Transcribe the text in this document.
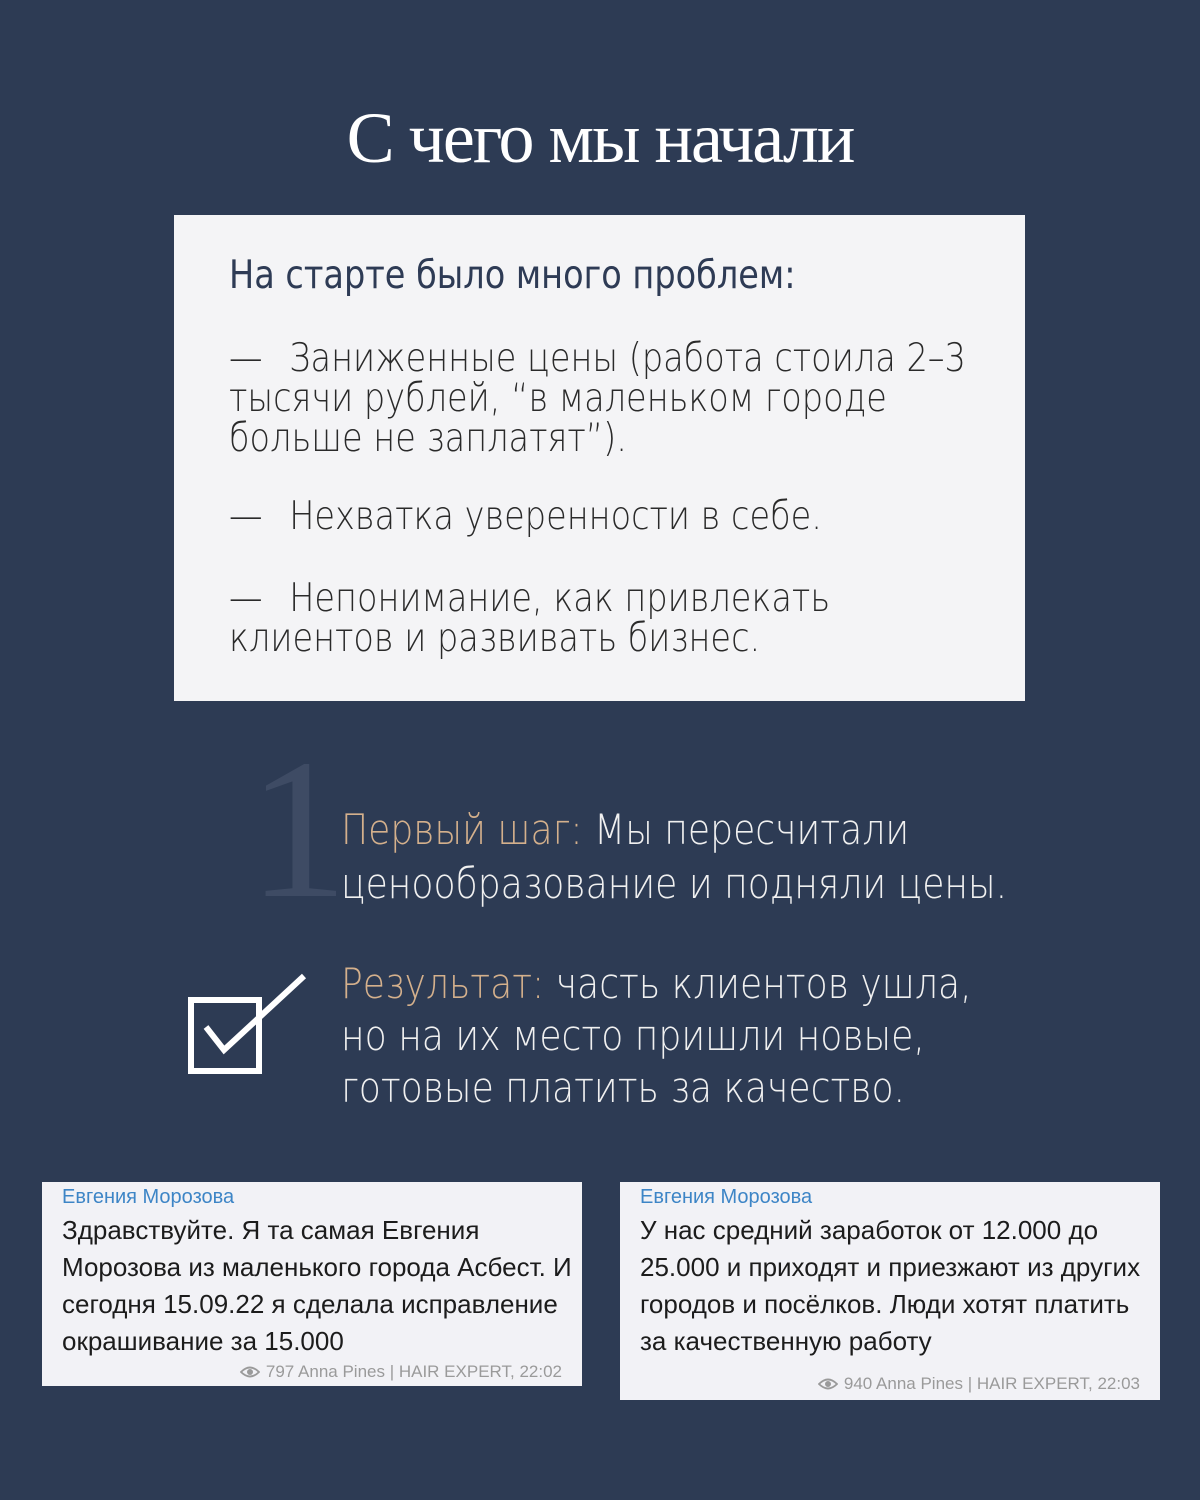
С чего мы начали
На старте было много проблем:
— Заниженные цены (работа стоила 2–3 тысячи рублей, “в маленьком городе больше не заплатят”).
— Нехватка уверенности в себе.
— Непонимание, как привлекать клиентов и развивать бизнес.
1
Первый шаг: Мы пересчитали
ценообразование и подняли цены.
Результат: часть клиентов ушла,
но на их место пришли новые,
готовые платить за качество.
Евгения Морозова
Здравствуйте. Я та самая Евгения Морозова из маленького города Асбест. И сегодня 15.09.22 я сделала исправление окрашивание за 15.000
797 Anna Pines | HAIR EXPERT, 22:02
Евгения Морозова
У нас средний заработок от 12.000 до 25.000 и приходят и приезжают из других городов и посёлков. Люди хотят платить за качественную работу
940 Anna Pines | HAIR EXPERT, 22:03
